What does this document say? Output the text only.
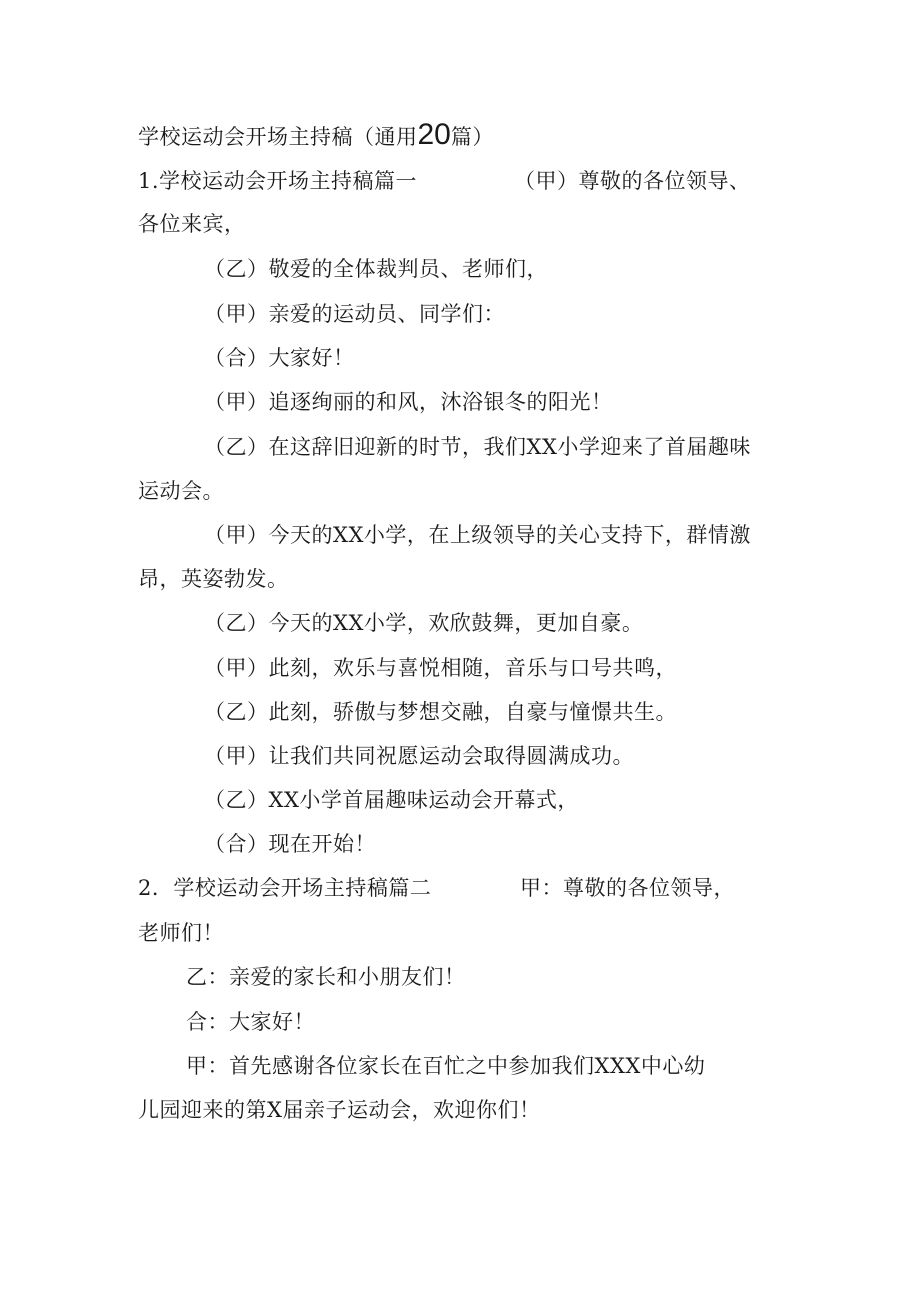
学校运动会开场主持稿（通用20篇）
1.学校运动会开场主持稿篇一	（甲）尊敬的各位领导、
各位来宾，
（乙）敬爱的全体裁判员、老师们，
（甲）亲爱的运动员、同学们：
（合）大家好！
（甲）追逐绚丽的和风，沐浴银冬的阳光！
（乙）在这辞旧迎新的时节，我们XX小学迎来了首届趣味
运动会。
（甲）今天的XX小学，在上级领导的关心支持下，群情激
昂，英姿勃发。
（乙）今天的XX小学，欢欣鼓舞，更加自豪。
（甲）此刻，欢乐与喜悦相随，音乐与口号共鸣，
（乙）此刻，骄傲与梦想交融，自豪与憧憬共生。
（甲）让我们共同祝愿运动会取得圆满成功。
（乙）XX小学首届趣味运动会开幕式，
（合）现在开始！
2．学校运动会开场主持稿篇二	甲：尊敬的各位领导，
老师们！
乙：亲爱的家长和小朋友们！
合：大家好！
甲：首先感谢各位家长在百忙之中参加我们XXX中心幼
儿园迎来的第X届亲子运动会，欢迎你们！
